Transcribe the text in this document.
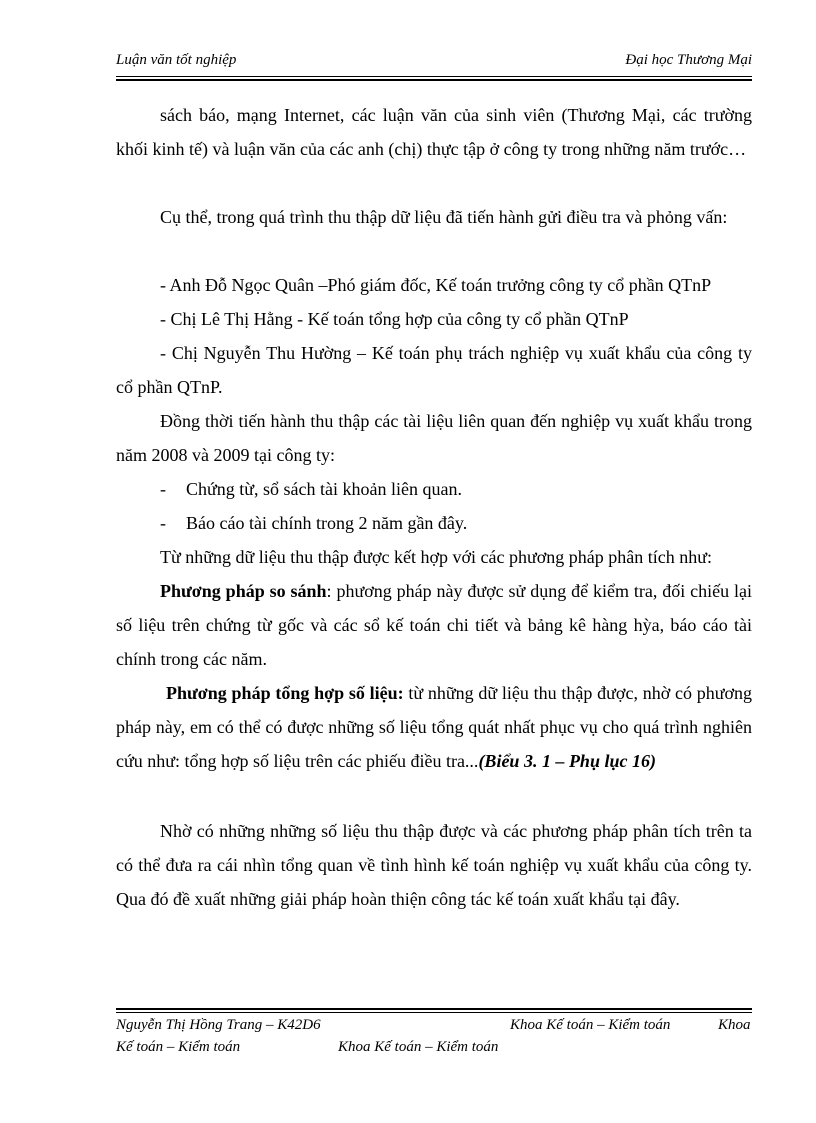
Luận văn tốt nghiệp	Đại học Thương Mại

sách báo, mạng Internet, các luận văn của sinh viên (Thương Mại, các trường khối kinh tế) và luận văn của các anh (chị) thực tập ở công ty trong những năm trước…

Cụ thể, trong quá trình thu thập dữ liệu đã tiến hành gửi điều tra và phỏng vấn:

- Anh Đỗ Ngọc Quân –Phó giám đốc, Kế toán trưởng công ty cổ phần QTnP

- Chị Lê Thị Hằng - Kế toán tổng hợp của công ty cổ phần QTnP

- Chị Nguyễn Thu Hường – Kế toán phụ trách nghiệp vụ xuất khẩu của công ty cổ phần QTnP.

Đồng thời tiến hành thu thập các tài liệu liên quan đến nghiệp vụ xuất khẩu trong năm 2008 và 2009 tại công ty:

- Chứng từ, sổ sách tài khoản liên quan.
- Báo cáo tài chính trong 2 năm gần đây.

Từ những dữ liệu thu thập được kết hợp với các phương pháp phân tích như:

Phương pháp so sánh: phương pháp này được sử dụng để kiểm tra, đối chiếu lại số liệu trên chứng từ gốc và các sổ kế toán chi tiết và bảng kê hàng hỳa, báo cáo tài chính trong các năm.

Phương pháp tổng hợp số liệu: từ những dữ liệu thu thập được, nhờ có phương pháp này, em có thể có được những số liệu tổng quát nhất phục vụ cho quá trình nghiên cứu như: tổng hợp số liệu trên các phiếu điều tra...(Biểu 3. 1 – Phụ lục 16)

Nhờ có những những số liệu thu thập được và các phương pháp phân tích trên ta có thể đưa ra cái nhìn tổng quan về tình hình kế toán nghiệp vụ xuất khẩu của công ty. Qua đó đề xuất những giải pháp hoàn thiện công tác kế toán xuất khẩu tại đây.

Nguyễn Thị Hồng Trang – K42D6	Khoa Kế toán – Kiểm toán	Khoa
Kế toán – Kiểm toán	Khoa Kế toán – Kiểm toán
